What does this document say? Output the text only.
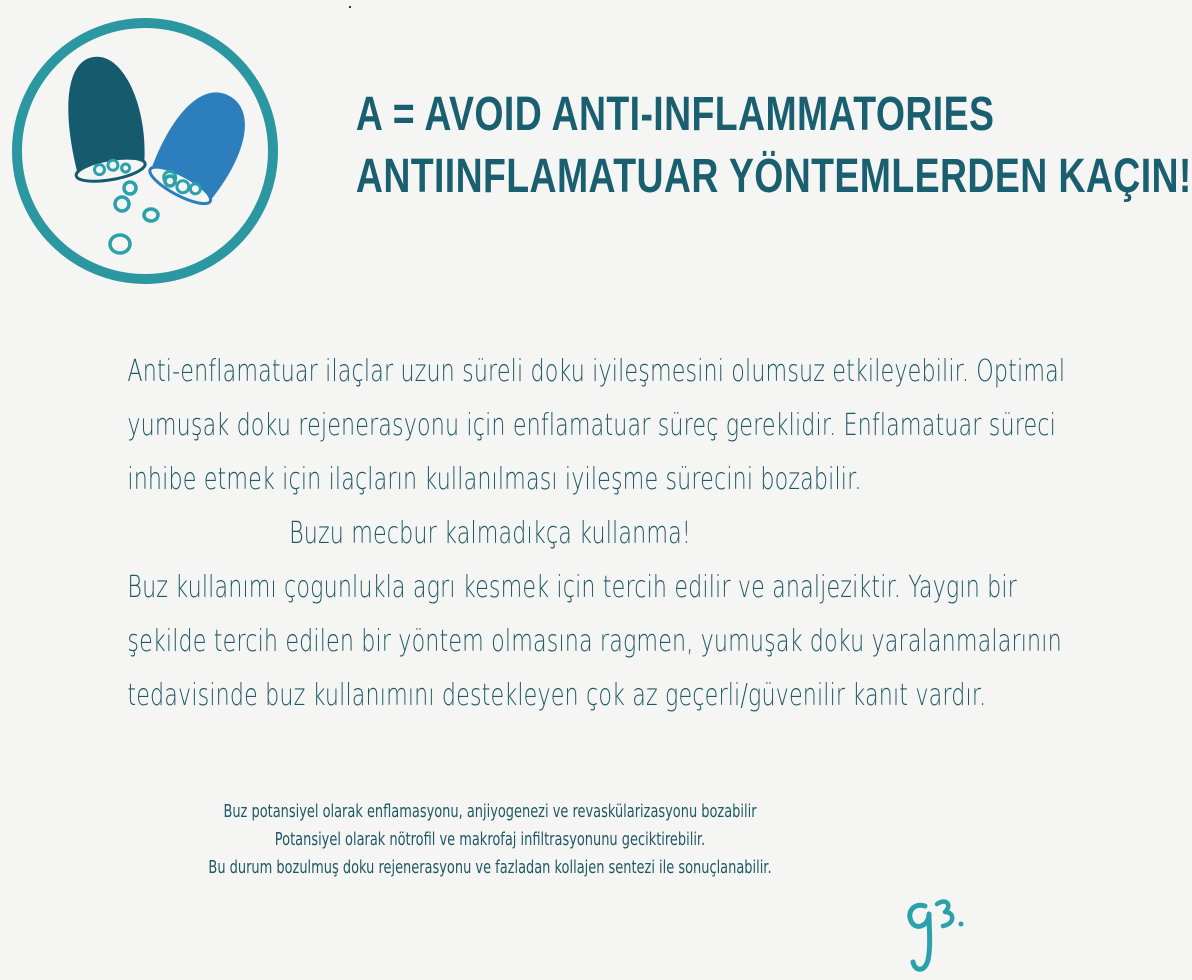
A = AVOID ANTI-INFLAMMATORIES
ANTIINFLAMATUAR YÖNTEMLERDEN KAÇIN!
Anti-enflamatuar ilaçlar uzun süreli doku iyileşmesini olumsuz etkileyebilir. Optimal
yumuşak doku rejenerasyonu için enflamatuar süreç gereklidir. Enflamatuar süreci
inhibe etmek için ilaçların kullanılması iyileşme sürecini bozabilir.
Buzu mecbur kalmadıkça kullanma!
Buz kullanımı çogunlukla agrı kesmek için tercih edilir ve analjeziktir. Yaygın bir
şekilde tercih edilen bir yöntem olmasına ragmen, yumuşak doku yaralanmalarının
tedavisinde buz kullanımını destekleyen çok az geçerli/güvenilir kanıt vardır.
Buz potansiyel olarak enflamasyonu, anjiyogenezi ve revaskülarizasyonu bozabilir
Potansiyel olarak nötrofil ve makrofaj infiltrasyonunu geciktirebilir.
Bu durum bozulmuş doku rejenerasyonu ve fazladan kollajen sentezi ile sonuçlanabilir.
